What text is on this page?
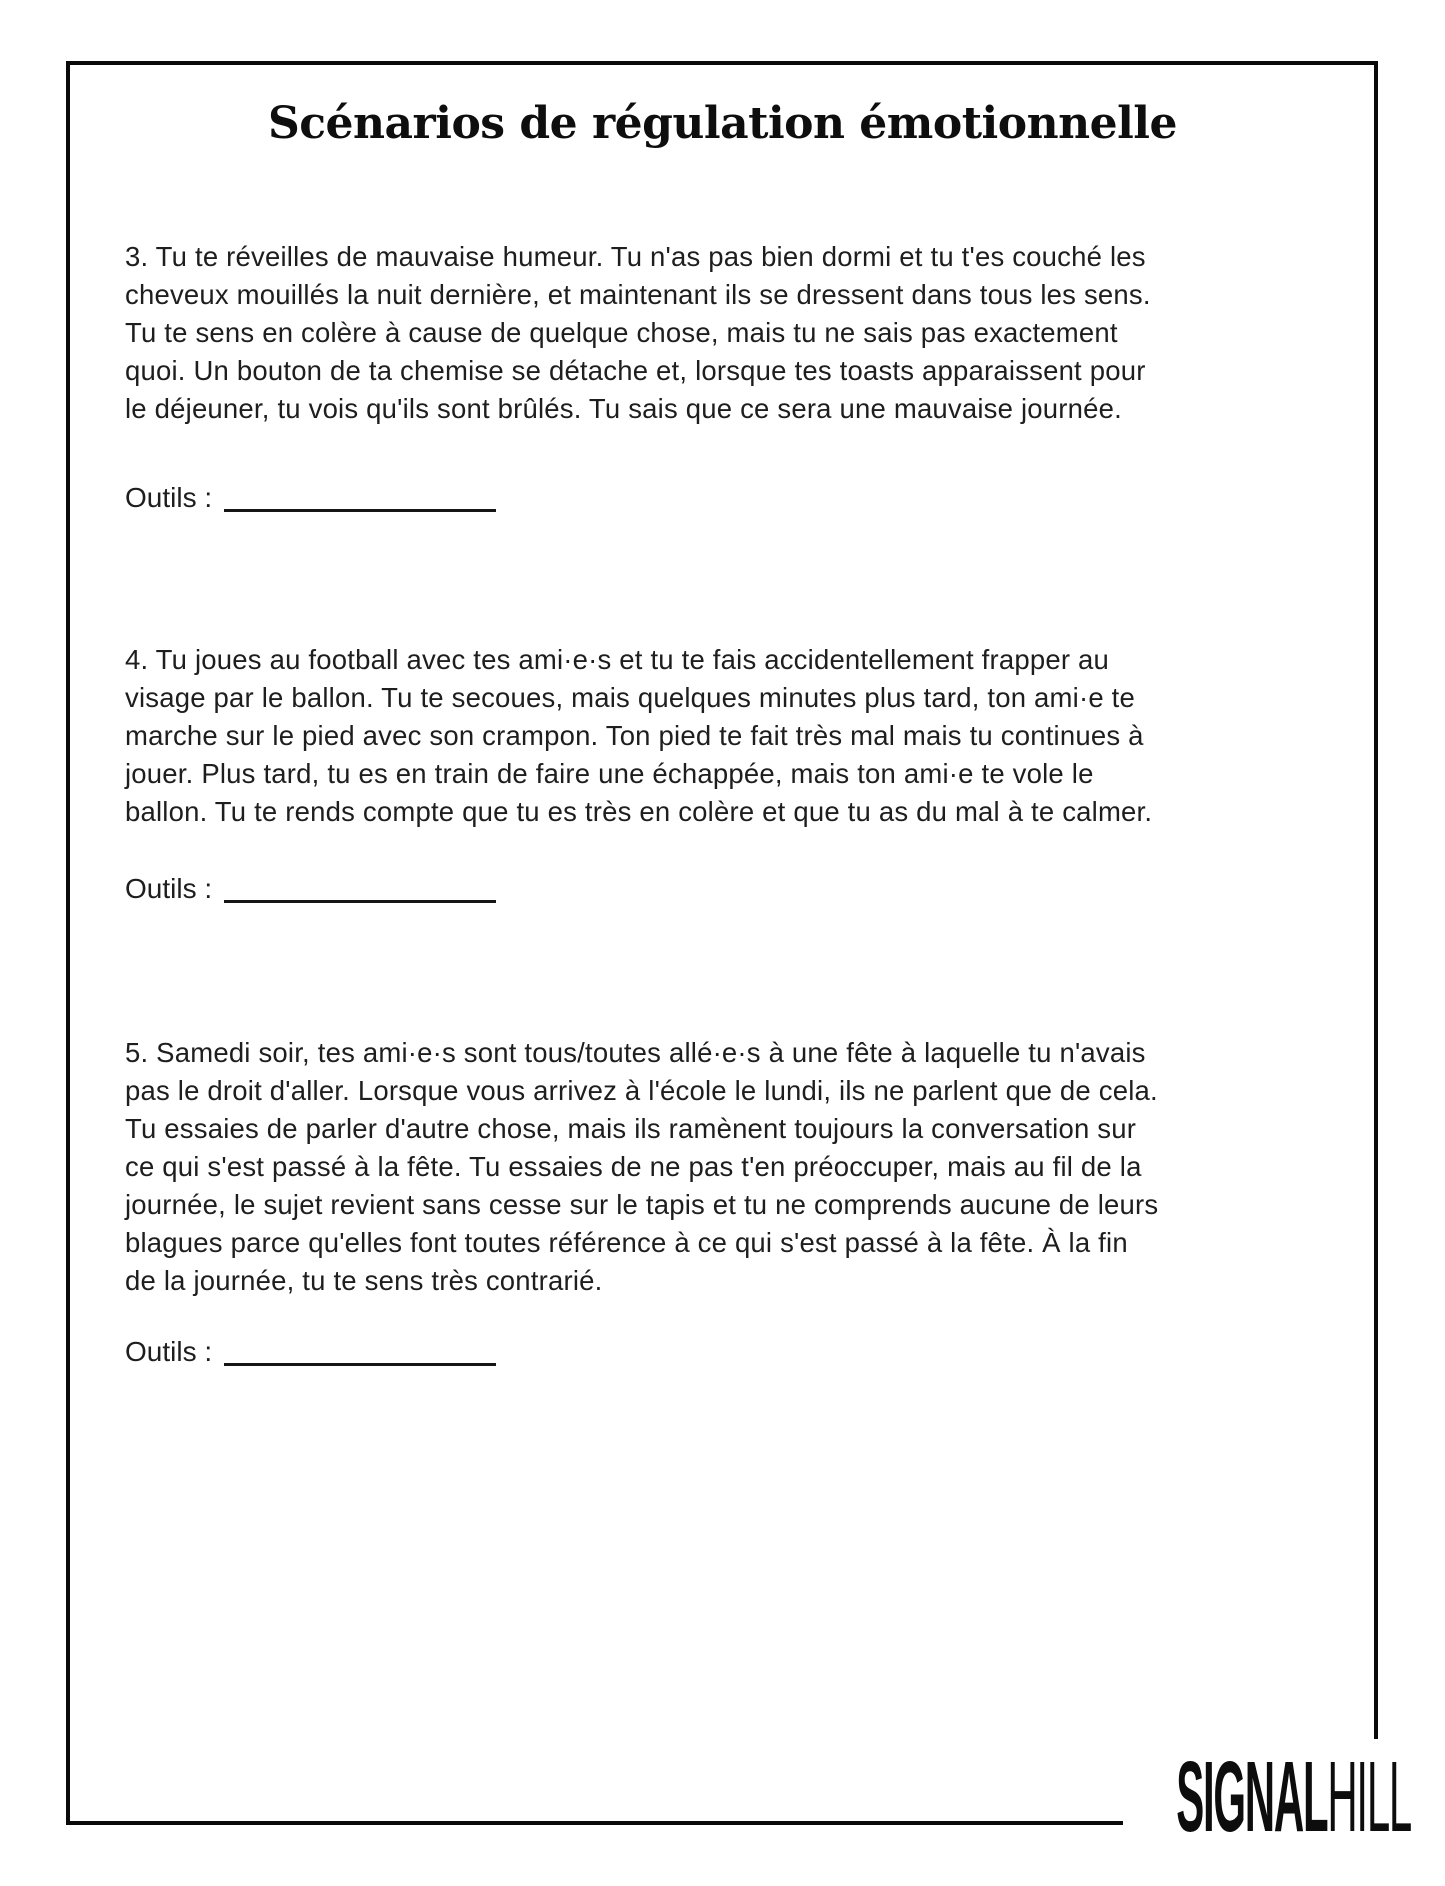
Scénarios de régulation émotionnelle
3. Tu te réveilles de mauvaise humeur. Tu n'as pas bien dormi et tu t'es couché les
cheveux mouillés la nuit dernière, et maintenant ils se dressent dans tous les sens.
Tu te sens en colère à cause de quelque chose, mais tu ne sais pas exactement
quoi. Un bouton de ta chemise se détache et, lorsque tes toasts apparaissent pour
le déjeuner, tu vois qu'ils sont brûlés. Tu sais que ce sera une mauvaise journée.
Outils :
4. Tu joues au football avec tes ami·e·s et tu te fais accidentellement frapper au
visage par le ballon. Tu te secoues, mais quelques minutes plus tard, ton ami·e te
marche sur le pied avec son crampon. Ton pied te fait très mal mais tu continues à
jouer. Plus tard, tu es en train de faire une échappée, mais ton ami·e te vole le
ballon. Tu te rends compte que tu es très en colère et que tu as du mal à te calmer.
Outils :
5. Samedi soir, tes ami·e·s sont tous/toutes allé·e·s à une fête à laquelle tu n'avais
pas le droit d'aller. Lorsque vous arrivez à l'école le lundi, ils ne parlent que de cela.
Tu essaies de parler d'autre chose, mais ils ramènent toujours la conversation sur
ce qui s'est passé à la fête. Tu essaies de ne pas t'en préoccuper, mais au fil de la
journée, le sujet revient sans cesse sur le tapis et tu ne comprends aucune de leurs
blagues parce qu'elles font toutes référence à ce qui s'est passé à la fête. À la fin
de la journée, tu te sens très contrarié.
Outils :
SIGNALHILL
